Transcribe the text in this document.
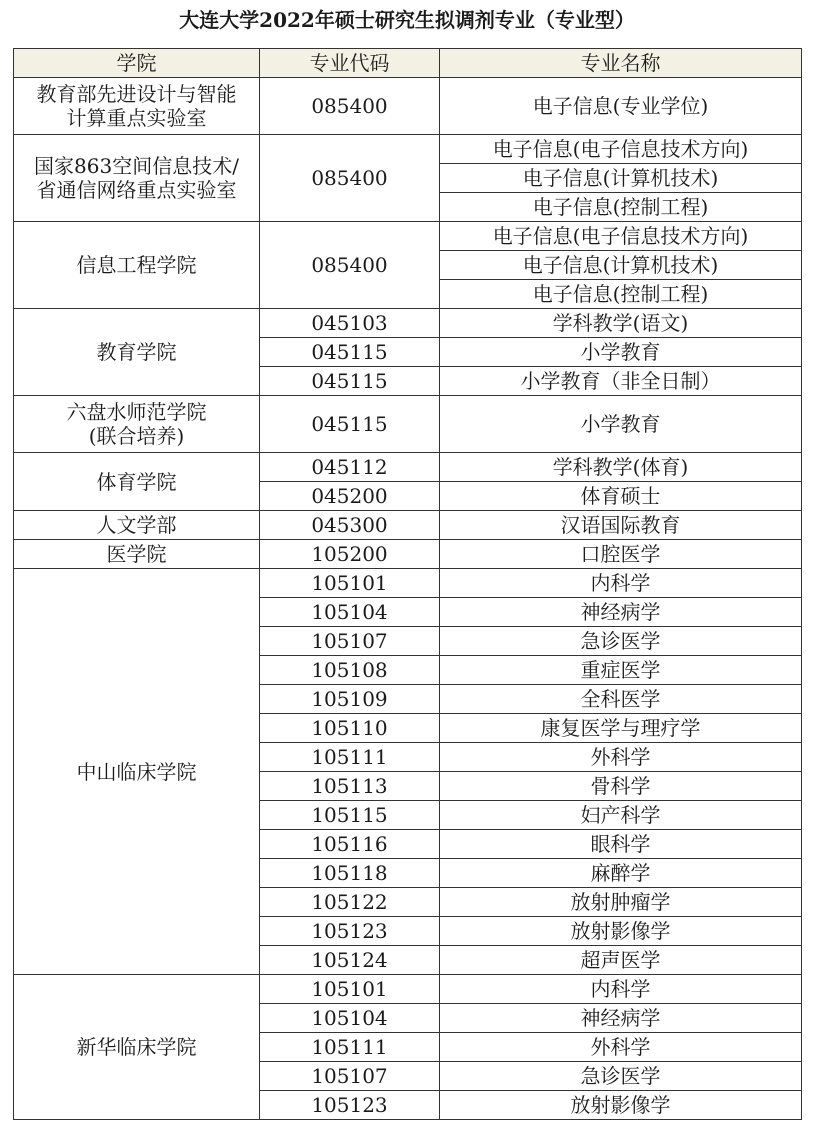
大连大学2022年硕士研究生拟调剂专业（专业型）
学院	专业代码	专业名称

教育部先进设计与智能
计算重点实验室	085400	电子信息(专业学位)

国家863空间信息技术/
省通信网络重点实验室	085400	电子信息(电子信息技术方向)
		电子信息(计算机技术)
		电子信息(控制工程)

信息工程学院	085400	电子信息(电子信息技术方向)
		电子信息(计算机技术)
		电子信息(控制工程)

教育学院	045103	学科教学(语文)
	045115	小学教育
	045115	小学教育（非全日制）

六盘水师范学院
(联合培养)	045115	小学教育

体育学院	045112	学科教学(体育)
	045200	体育硕士

人文学部	045300	汉语国际教育

医学院	105200	口腔医学

中山临床学院	105101	内科学
	105104	神经病学
	105107	急诊医学
	105108	重症医学
	105109	全科医学
	105110	康复医学与理疗学
	105111	外科学
	105113	骨科学
	105115	妇产科学
	105116	眼科学
	105118	麻醉学
	105122	放射肿瘤学
	105123	放射影像学
	105124	超声医学

新华临床学院	105101	内科学
	105104	神经病学
	105111	外科学
	105107	急诊医学
	105123	放射影像学
